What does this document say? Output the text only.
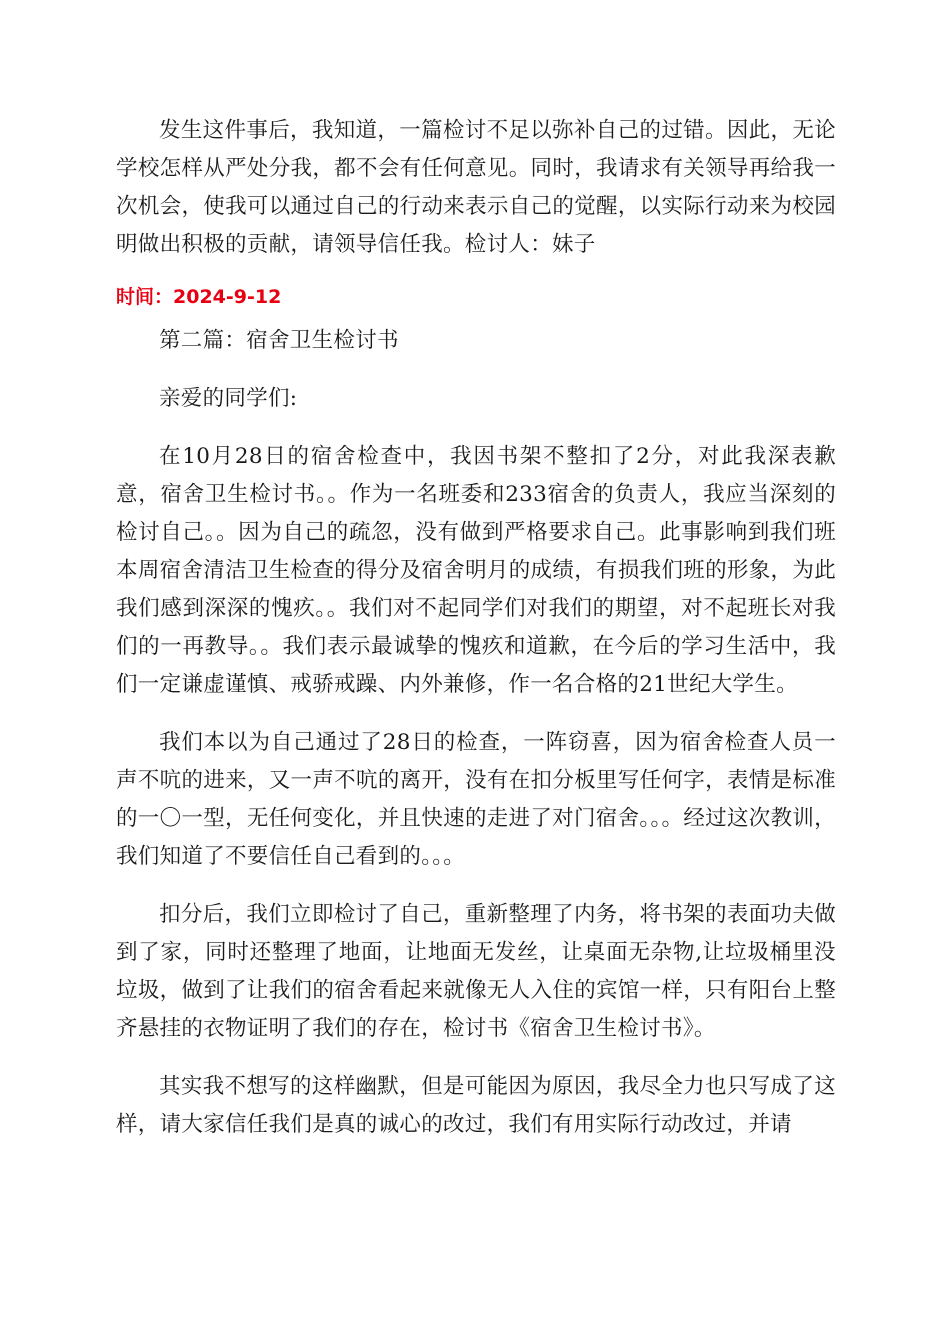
发生这件事后，我知道，一篇检讨不足以弥补自己的过错。因此，无论学校怎样从严处分我，都不会有任何意见。同时，我请求有关领导再给我一次机会，使我可以通过自己的行动来表示自己的觉醒，以实际行动来为校园明做出积极的贡献，请领导信任我。检讨人：妹子

时间：2024-9-12

第二篇：宿舍卫生检讨书

亲爱的同学们:

在10月28日的宿舍检查中，我因书架不整扣了2分，对此我深表歉意，宿舍卫生检讨书。。作为一名班委和233宿舍的负责人，我应当深刻的检讨自己。。因为自己的疏忽，没有做到严格要求自己。此事影响到我们班本周宿舍清洁卫生检查的得分及宿舍明月的成绩，有损我们班的形象，为此我们感到深深的愧疚。。我们对不起同学们对我们的期望，对不起班长对我们的一再教导。。我们表示最诚挚的愧疚和道歉，在今后的学习生活中，我们一定谦虚谨慎、戒骄戒躁、内外兼修，作一名合格的21世纪大学生。

我们本以为自己通过了28日的检查，一阵窃喜，因为宿舍检查人员一声不吭的进来，又一声不吭的离开，没有在扣分板里写任何字，表情是标准的一〇一型，无任何变化，并且快速的走进了对门宿舍。。。经过这次教训，我们知道了不要信任自己看到的。。。

扣分后，我们立即检讨了自己，重新整理了内务，将书架的表面功夫做到了家，同时还整理了地面，让地面无发丝，让桌面无杂物,让垃圾桶里没垃圾，做到了让我们的宿舍看起来就像无人入住的宾馆一样，只有阳台上整齐悬挂的衣物证明了我们的存在，检讨书《宿舍卫生检讨书》。

其实我不想写的这样幽默，但是可能因为原因，我尽全力也只写成了这样，请大家信任我们是真的诚心的改过，我们有用实际行动改过，并请
